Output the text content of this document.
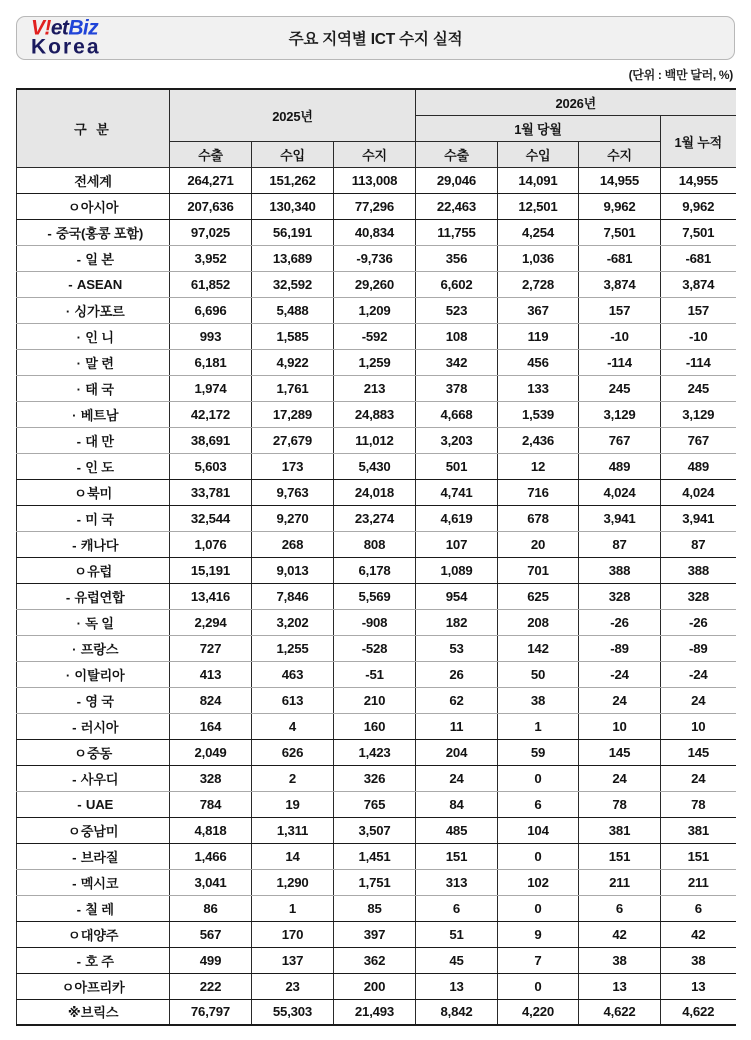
V!etBiz
Korea	주요 지역별 ICT 수지 실적
(단위 : 백만 달러, %)
구 분	2025년			2026년			
				1월 당월			1월 누적
	수출	수입	수지	수출	수입	수지	
전세계	264,271	151,262	113,008	29,046	14,091	14,955	14,955
ㅇ아시아	207,636	130,340	77,296	22,463	12,501	9,962	9,962
- 중국(홍콩 포함)	97,025	56,191	40,834	11,755	4,254	7,501	7,501
- 일 본	3,952	13,689	-9,736	356	1,036	-681	-681
- ASEAN	61,852	32,592	29,260	6,602	2,728	3,874	3,874
· 싱가포르	6,696	5,488	1,209	523	367	157	157
· 인 니	993	1,585	-592	108	119	-10	-10
· 말 련	6,181	4,922	1,259	342	456	-114	-114
· 태 국	1,974	1,761	213	378	133	245	245
· 베트남	42,172	17,289	24,883	4,668	1,539	3,129	3,129
- 대 만	38,691	27,679	11,012	3,203	2,436	767	767
- 인 도	5,603	173	5,430	501	12	489	489
ㅇ북미	33,781	9,763	24,018	4,741	716	4,024	4,024
- 미 국	32,544	9,270	23,274	4,619	678	3,941	3,941
- 캐나다	1,076	268	808	107	20	87	87
ㅇ유럽	15,191	9,013	6,178	1,089	701	388	388
- 유럽연합	13,416	7,846	5,569	954	625	328	328
· 독 일	2,294	3,202	-908	182	208	-26	-26
· 프랑스	727	1,255	-528	53	142	-89	-89
· 이탈리아	413	463	-51	26	50	-24	-24
- 영 국	824	613	210	62	38	24	24
- 러시아	164	4	160	11	1	10	10
ㅇ중동	2,049	626	1,423	204	59	145	145
- 사우디	328	2	326	24	0	24	24
- UAE	784	19	765	84	6	78	78
ㅇ중남미	4,818	1,311	3,507	485	104	381	381
- 브라질	1,466	14	1,451	151	0	151	151
- 멕시코	3,041	1,290	1,751	313	102	211	211
- 칠 레	86	1	85	6	0	6	6
ㅇ대양주	567	170	397	51	9	42	42
- 호 주	499	137	362	45	7	38	38
ㅇ아프리카	222	23	200	13	0	13	13
※브릭스	76,797	55,303	21,493	8,842	4,220	4,622	4,622
